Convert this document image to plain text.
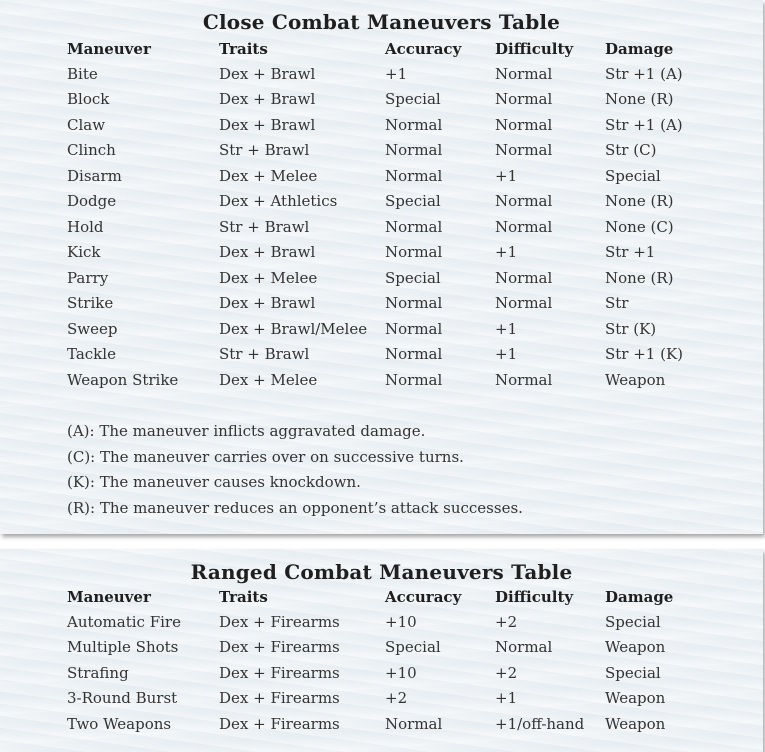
Close Combat Maneuvers Table
Maneuver	Traits	Accuracy	Difficulty	Damage
Bite	Dex + Brawl	+1	Normal	Str +1 (A)
Block	Dex + Brawl	Special	Normal	None (R)
Claw	Dex + Brawl	Normal	Normal	Str +1 (A)
Clinch	Str + Brawl	Normal	Normal	Str (C)
Disarm	Dex + Melee	Normal	+1	Special
Dodge	Dex + Athletics	Special	Normal	None (R)
Hold	Str + Brawl	Normal	Normal	None (C)
Kick	Dex + Brawl	Normal	+1	Str +1
Parry	Dex + Melee	Special	Normal	None (R)
Strike	Dex + Brawl	Normal	Normal	Str
Sweep	Dex + Brawl/Melee	Normal	+1	Str (K)
Tackle	Str + Brawl	Normal	+1	Str +1 (K)
Weapon Strike	Dex + Melee	Normal	Normal	Weapon
(A): The maneuver inflicts aggravated damage.
(C): The maneuver carries over on successive turns.
(K): The maneuver causes knockdown.
(R): The maneuver reduces an opponent’s attack successes.
Ranged Combat Maneuvers Table
Maneuver	Traits	Accuracy	Difficulty	Damage
Automatic Fire	Dex + Firearms	+10	+2	Special
Multiple Shots	Dex + Firearms	Special	Normal	Weapon
Strafing	Dex + Firearms	+10	+2	Special
3-Round Burst	Dex + Firearms	+2	+1	Weapon
Two Weapons	Dex + Firearms	Normal	+1/off-hand	Weapon
